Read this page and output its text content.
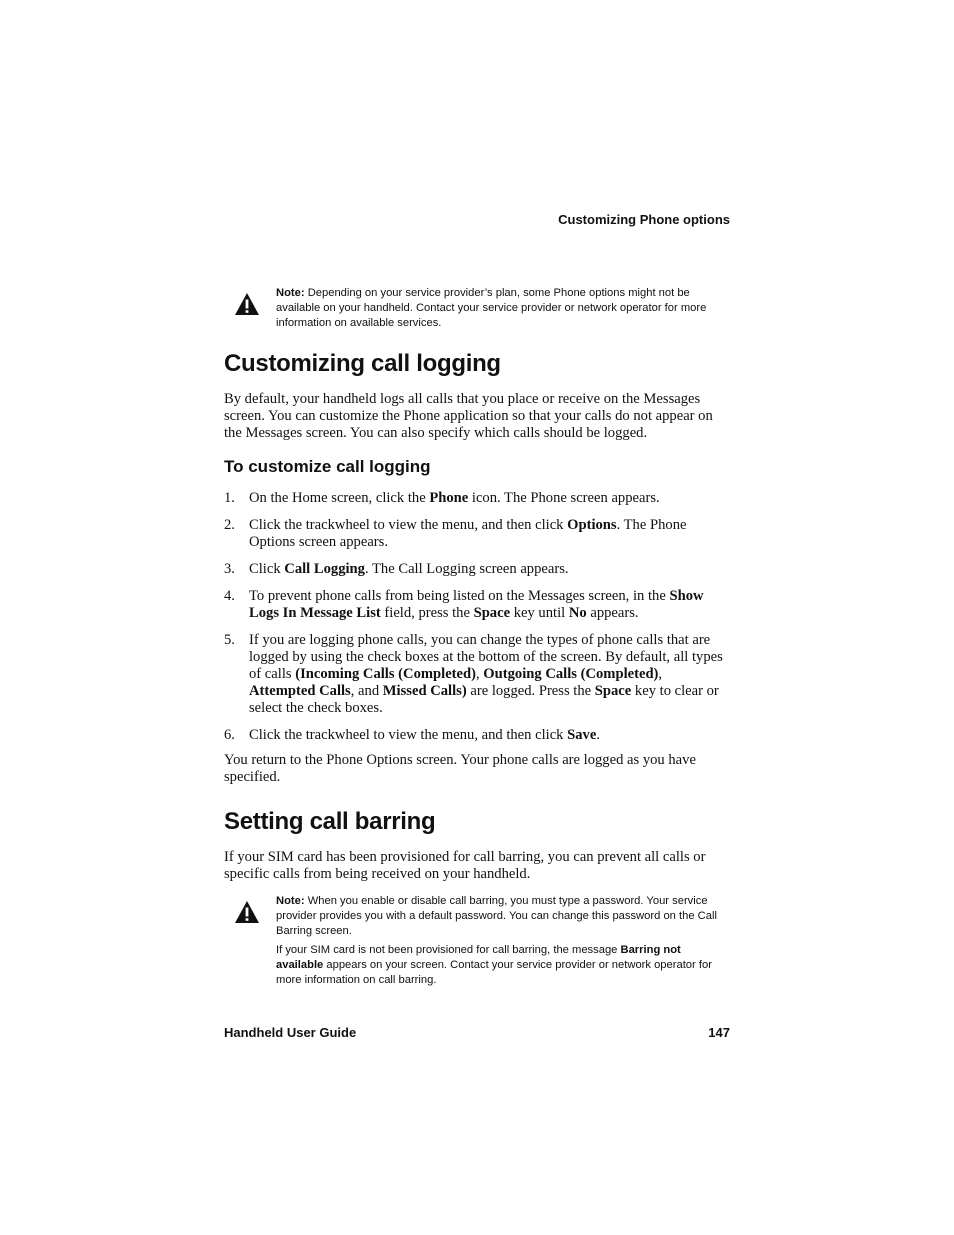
Customizing Phone options

Note: Depending on your service provider’s plan, some Phone options might not be available on your handheld. Contact your service provider or network operator for more information on available services.

Customizing call logging

By default, your handheld logs all calls that you place or receive on the Messages screen. You can customize the Phone application so that your calls do not appear on the Messages screen. You can also specify which calls should be logged.

To customize call logging
1. On the Home screen, click the Phone icon. The Phone screen appears.
2. Click the trackwheel to view the menu, and then click Options. The Phone Options screen appears.
3. Click Call Logging. The Call Logging screen appears.
4. To prevent phone calls from being listed on the Messages screen, in the Show Logs In Message List field, press the Space key until No appears.
5. If you are logging phone calls, you can change the types of phone calls that are logged by using the check boxes at the bottom of the screen. By default, all types of calls (Incoming Calls (Completed), Outgoing Calls (Completed), Attempted Calls, and Missed Calls) are logged. Press the Space key to clear or select the check boxes.
6. Click the trackwheel to view the menu, and then click Save.

You return to the Phone Options screen. Your phone calls are logged as you have specified.

Setting call barring

If your SIM card has been provisioned for call barring, you can prevent all calls or specific calls from being received on your handheld.

Note: When you enable or disable call barring, you must type a password. Your service provider provides you with a default password. You can change this password on the Call Barring screen.

If your SIM card is not been provisioned for call barring, the message Barring not available appears on your screen. Contact your service provider or network operator for more information on call barring.

Handheld User Guide	147
